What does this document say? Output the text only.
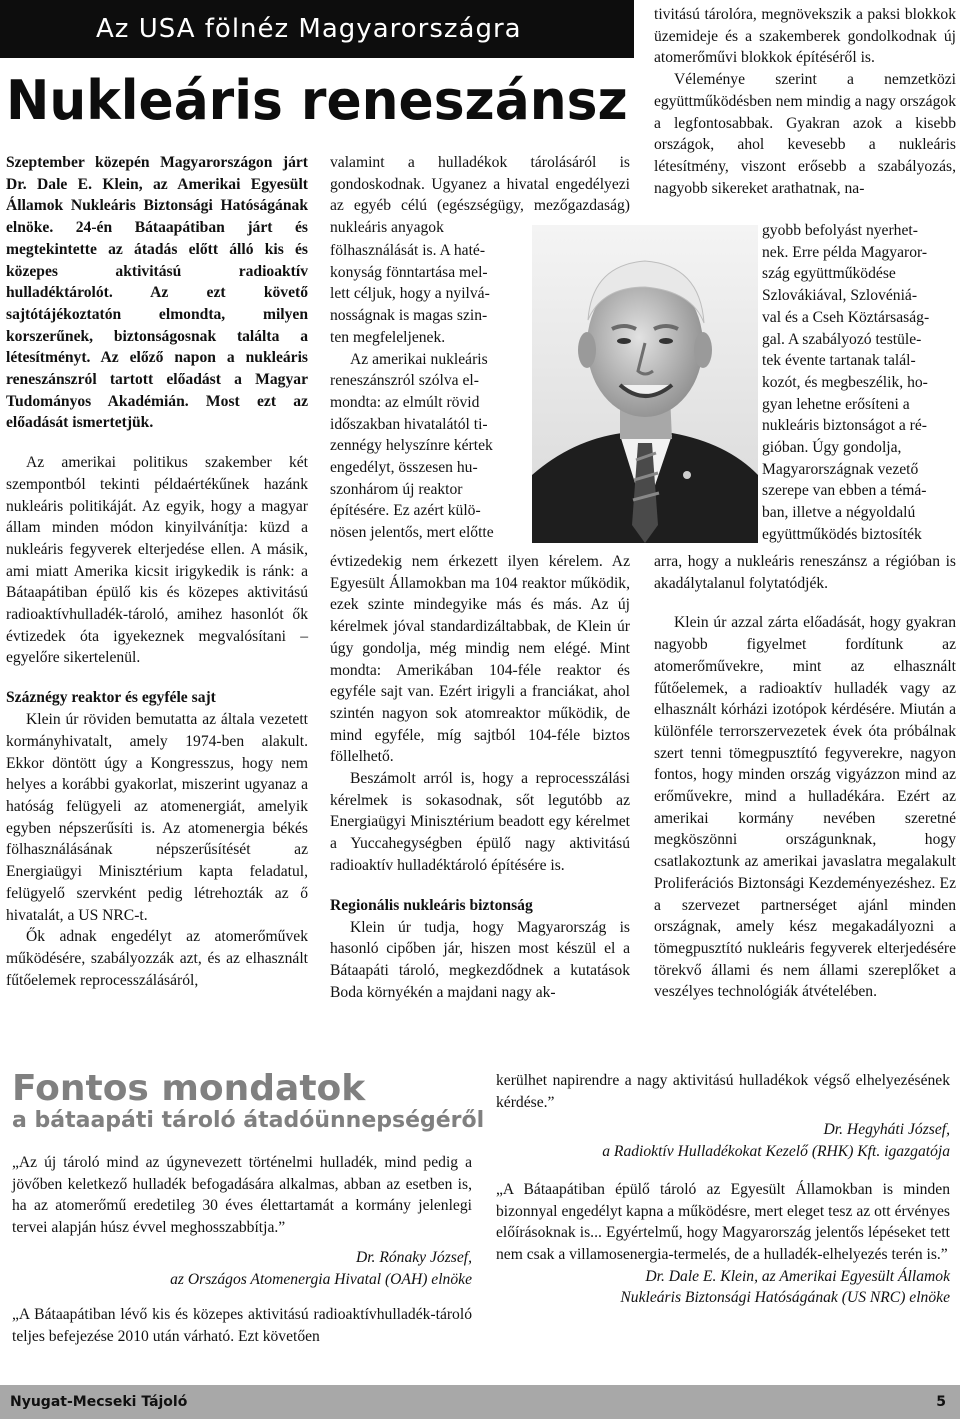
Az USA fölnéz Magyarországra
Nukleáris reneszánsz

Szeptember közepén Magyarországon járt Dr. Dale E. Klein, az Amerikai Egyesült Államok Nukleáris Biztonsági Hatóságának elnöke. 24-én Bátaapátiban járt és megtekintette az átadás előtt álló kis és közepes aktivitású radioaktív hulladéktárolót. Az ezt követő sajtótájékoztatón elmondta, milyen korszerűnek, biztonságosnak találta a létesítményt. Az előző napon a nukleáris reneszánszról tartott előadást a Magyar Tudományos Akadémián. Most ezt az előadását ismertetjük.

Az amerikai politikus szakember két szempontból tekinti példaértékűnek hazánk nukleáris politikáját. Az egyik, hogy a magyar állam minden módon kinyilvánítja: küzd a nukleáris fegyverek elterjedése ellen. A másik, ami miatt Amerika kicsit irigykedik is ránk: a Bátaapátiban épülő kis és közepes aktivitású radioaktívhulladék-tároló, amihez hasonlót ők évtizedek óta igyekeznek megvalósítani – egyelőre sikertelenül.

Száznégy reaktor és egyféle sajt

Klein úr röviden bemutatta az általa vezetett kormányhivatalt, amely 1974-ben alakult. Ekkor döntött úgy a Kongresszus, hogy nem helyes a korábbi gyakorlat, miszerint ugyanaz a hatóság felügyeli az atomenergiát, amelyik egyben népszerűsíti is. Az atomenergia békés fölhasználásának népszerűsítését az Energiaügyi Minisztérium kapta feladatul, felügyelő szervként pedig létrehozták az ő hivatalát, a US NRC-t.

Ők adnak engedélyt az atomerőművek működésére, szabályozzák azt, és az elhasznált fűtőelemek reprocesszálásáról,

valamint a hulladékok tárolásáról is gondoskodnak. Ugyanez a hivatal engedélyezi az egyéb célú (egészségügy, mezőgazdaság) nukleáris anyagok

fölhasználását is. A haté-
konyság fönntartása mel-
lett céljuk, hogy a nyilvá-
nosságnak is magas szin-
ten megfeleljenek.
Az amerikai nukleáris
reneszánszról szólva el-
mondta: az elmúlt rövid
időszakban hivatalától ti-
zennégy helyszínre kértek
engedélyt, összesen hu-
szonhárom új reaktor
építésére. Ez azért külö-
nösen jelentős, mert előtte

évtizedekig nem érkezett ilyen kérelem. Az Egyesült Államokban ma 104 reaktor működik, ezek szinte mindegyike más és más. Az új kérelmek jóval standardizáltabbak, de Klein úr úgy gondolja, még mindig nem elégé. Mint mondta: Amerikában 104-féle reaktor és egyféle sajt van. Ezért irigyli a franciákat, ahol szintén nagyon sok atomreaktor működik, de mind egyféle, míg sajtból 104-féle biztos föllelhető.

Beszámolt arról is, hogy a reprocesszálási kérelmek is sokasodnak, sőt legutóbb az Energiaügyi Minisztérium beadott egy kérelmet a Yuccahegységben épülő nagy aktivitású radioaktív hulladéktároló építésére is.

Regionális nukleáris biztonság

Klein úr tudja, hogy Magyarország is hasonló cipőben jár, hiszen most készül el a Bátaapáti tároló, megkezdődnek a kutatások Boda környékén a majdani nagy ak-

tivitású tárolóra, megnövekszik a paksi blokkok üzemideje és a szakemberek gondolkodnak új atomerőművi blokkok építéséről is.

Véleménye szerint a nemzetközi együttműködésben nem mindig a nagy országok a legfontosabbak. Gyakran azok a kisebb országok, ahol kevesebb a nukleáris létesítmény, viszont erősebb a szabályozás, nagyobb sikereket arathatnak, na-

gyobb befolyást nyerhet-
nek. Erre példa Magyaror-
szág együttműködése
Szlovákiával, Szlovéniá-
val és a Cseh Köztársaság-
gal. A szabályozó testüle-
tek évente tartanak talál-
kozót, és megbeszélik, ho-
gyan lehetne erősíteni a
nukleáris biztonságot a ré-
gióban. Úgy gondolja,
Magyarországnak vezető
szerepe van ebben a témá-
ban, illetve a négyoldalú
együttműködés biztosíték

arra, hogy a nukleáris reneszánsz a régióban is akadálytalanul folytatódjék.

Klein úr azzal zárta előadását, hogy gyakran nagyobb figyelmet fordítunk az atomerőművekre, mint az elhasznált fűtőelemek, a radioaktív hulladék vagy az elhasznált kórházi izotópok kérdésére. Miután a különféle terrorszervezetek évek óta próbálnak szert tenni tömegpusztító fegyverekre, nagyon fontos, hogy minden ország vigyázzon mind az erőművekre, mind a hulladékára. Ezért az amerikai kormány nevében szeretné megköszönni országunknak, hogy csatlakoztunk az amerikai javaslatra megalakult Proliferációs Biztonsági Kezdeményezéshez. Ez a szervezet partnerséget ajánl minden országnak, amely kész megakadályozni a tömegpusztító nukleáris fegyverek elterjedésére törekvő állami és nem állami szereplőket a veszélyes technológiák átvételében.

Fontos mondatok
a bátaapáti tároló átadóünnepségéről

„Az új tároló mind az úgynevezett történelmi hulladék, mind pedig a jövőben keletkező hulladék befogadására alkalmas, abban az esetben is, ha az atomerőmű eredetileg 30 éves élettartamát a kormány jelenlegi tervei alapján húsz évvel meghosszabbítja.”

Dr. Rónaky József,

az Országos Atomenergia Hivatal (OAH) elnöke

„A Bátaapátiban lévő kis és közepes aktivitású radioaktívhulladék-tároló teljes befejezése 2010 után várható. Ezt követően

kerülhet napirendre a nagy aktivitású hulladékok végső elhelyezésének kérdése.”

Dr. Hegyháti József,

a Radioktív Hulladékokat Kezelő (RHK) Kft. igazgatója

„A Bátaapátiban épülő tároló az Egyesült Államokban is minden bizonnyal engedélyt kapna a működésre, mert eleget tesz az ott érvényes előírásoknak is... Egyértelmű, hogy Magyarország jelentős lépéseket tett nem csak a villamosenergia-termelés, de a hulladék-elhelyezés terén is.”

Dr. Dale E. Klein, az Amerikai Egyesült Államok

Nukleáris Biztonsági Hatóságának (US NRC) elnöke

Nyugat-Mecseki Tájoló	5
